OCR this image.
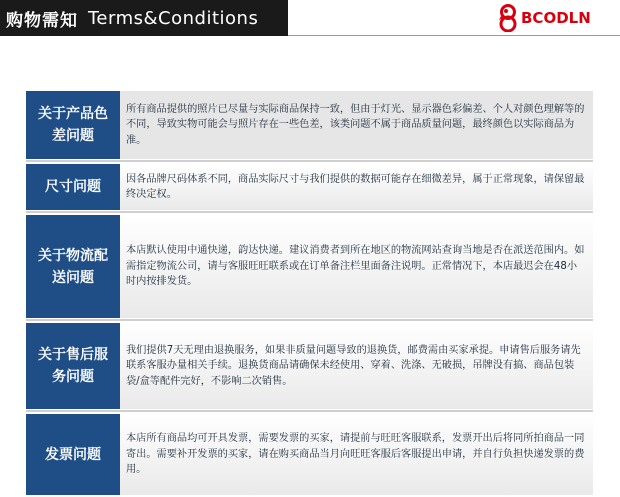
购物需知 Terms&Conditions	BCODLN
关于产品色差问题
所有商品提供的照片已尽量与实际商品保持一致，但由于灯光、显示器色彩偏差、个人对颜色理解等的不同，导致实物可能会与照片存在一些色差，该类问题不属于商品质量问题，最终颜色以实际商品为准。
尺寸问题	因各品牌尺码体系不同，商品实际尺寸与我们提供的数据可能存在细微差异，属于正常现象，请保留最终决定权。
关于物流配送问题
本店默认使用中通快递，韵达快递。建议消费者到所在地区的物流网站查询当地是否在派送范围内。如需指定物流公司，请与客服旺旺联系或在订单备注栏里面备注说明。正常情况下，本店最迟会在48小时内按排发货。
关于售后服务问题
我们提供7天无理由退换服务，如果非质量问题导致的退换货，邮费需由买家承提。申请售后服务请先联系客服办量相关手续。退换货商品请确保未经使用、穿着、洗涤、无破损，吊牌没有搞、商品包装袋/盒等配件完好，不影响二次销售。
发票问题
本店所有商品均可开具发票，需要发票的买家，请提前与旺旺客服联系，发票开出后将同所拍商品一同寄出。需要补开发票的买家，请在购买商品当月向旺旺客服后客服提出申请，并自行负担快递发票的费用。
